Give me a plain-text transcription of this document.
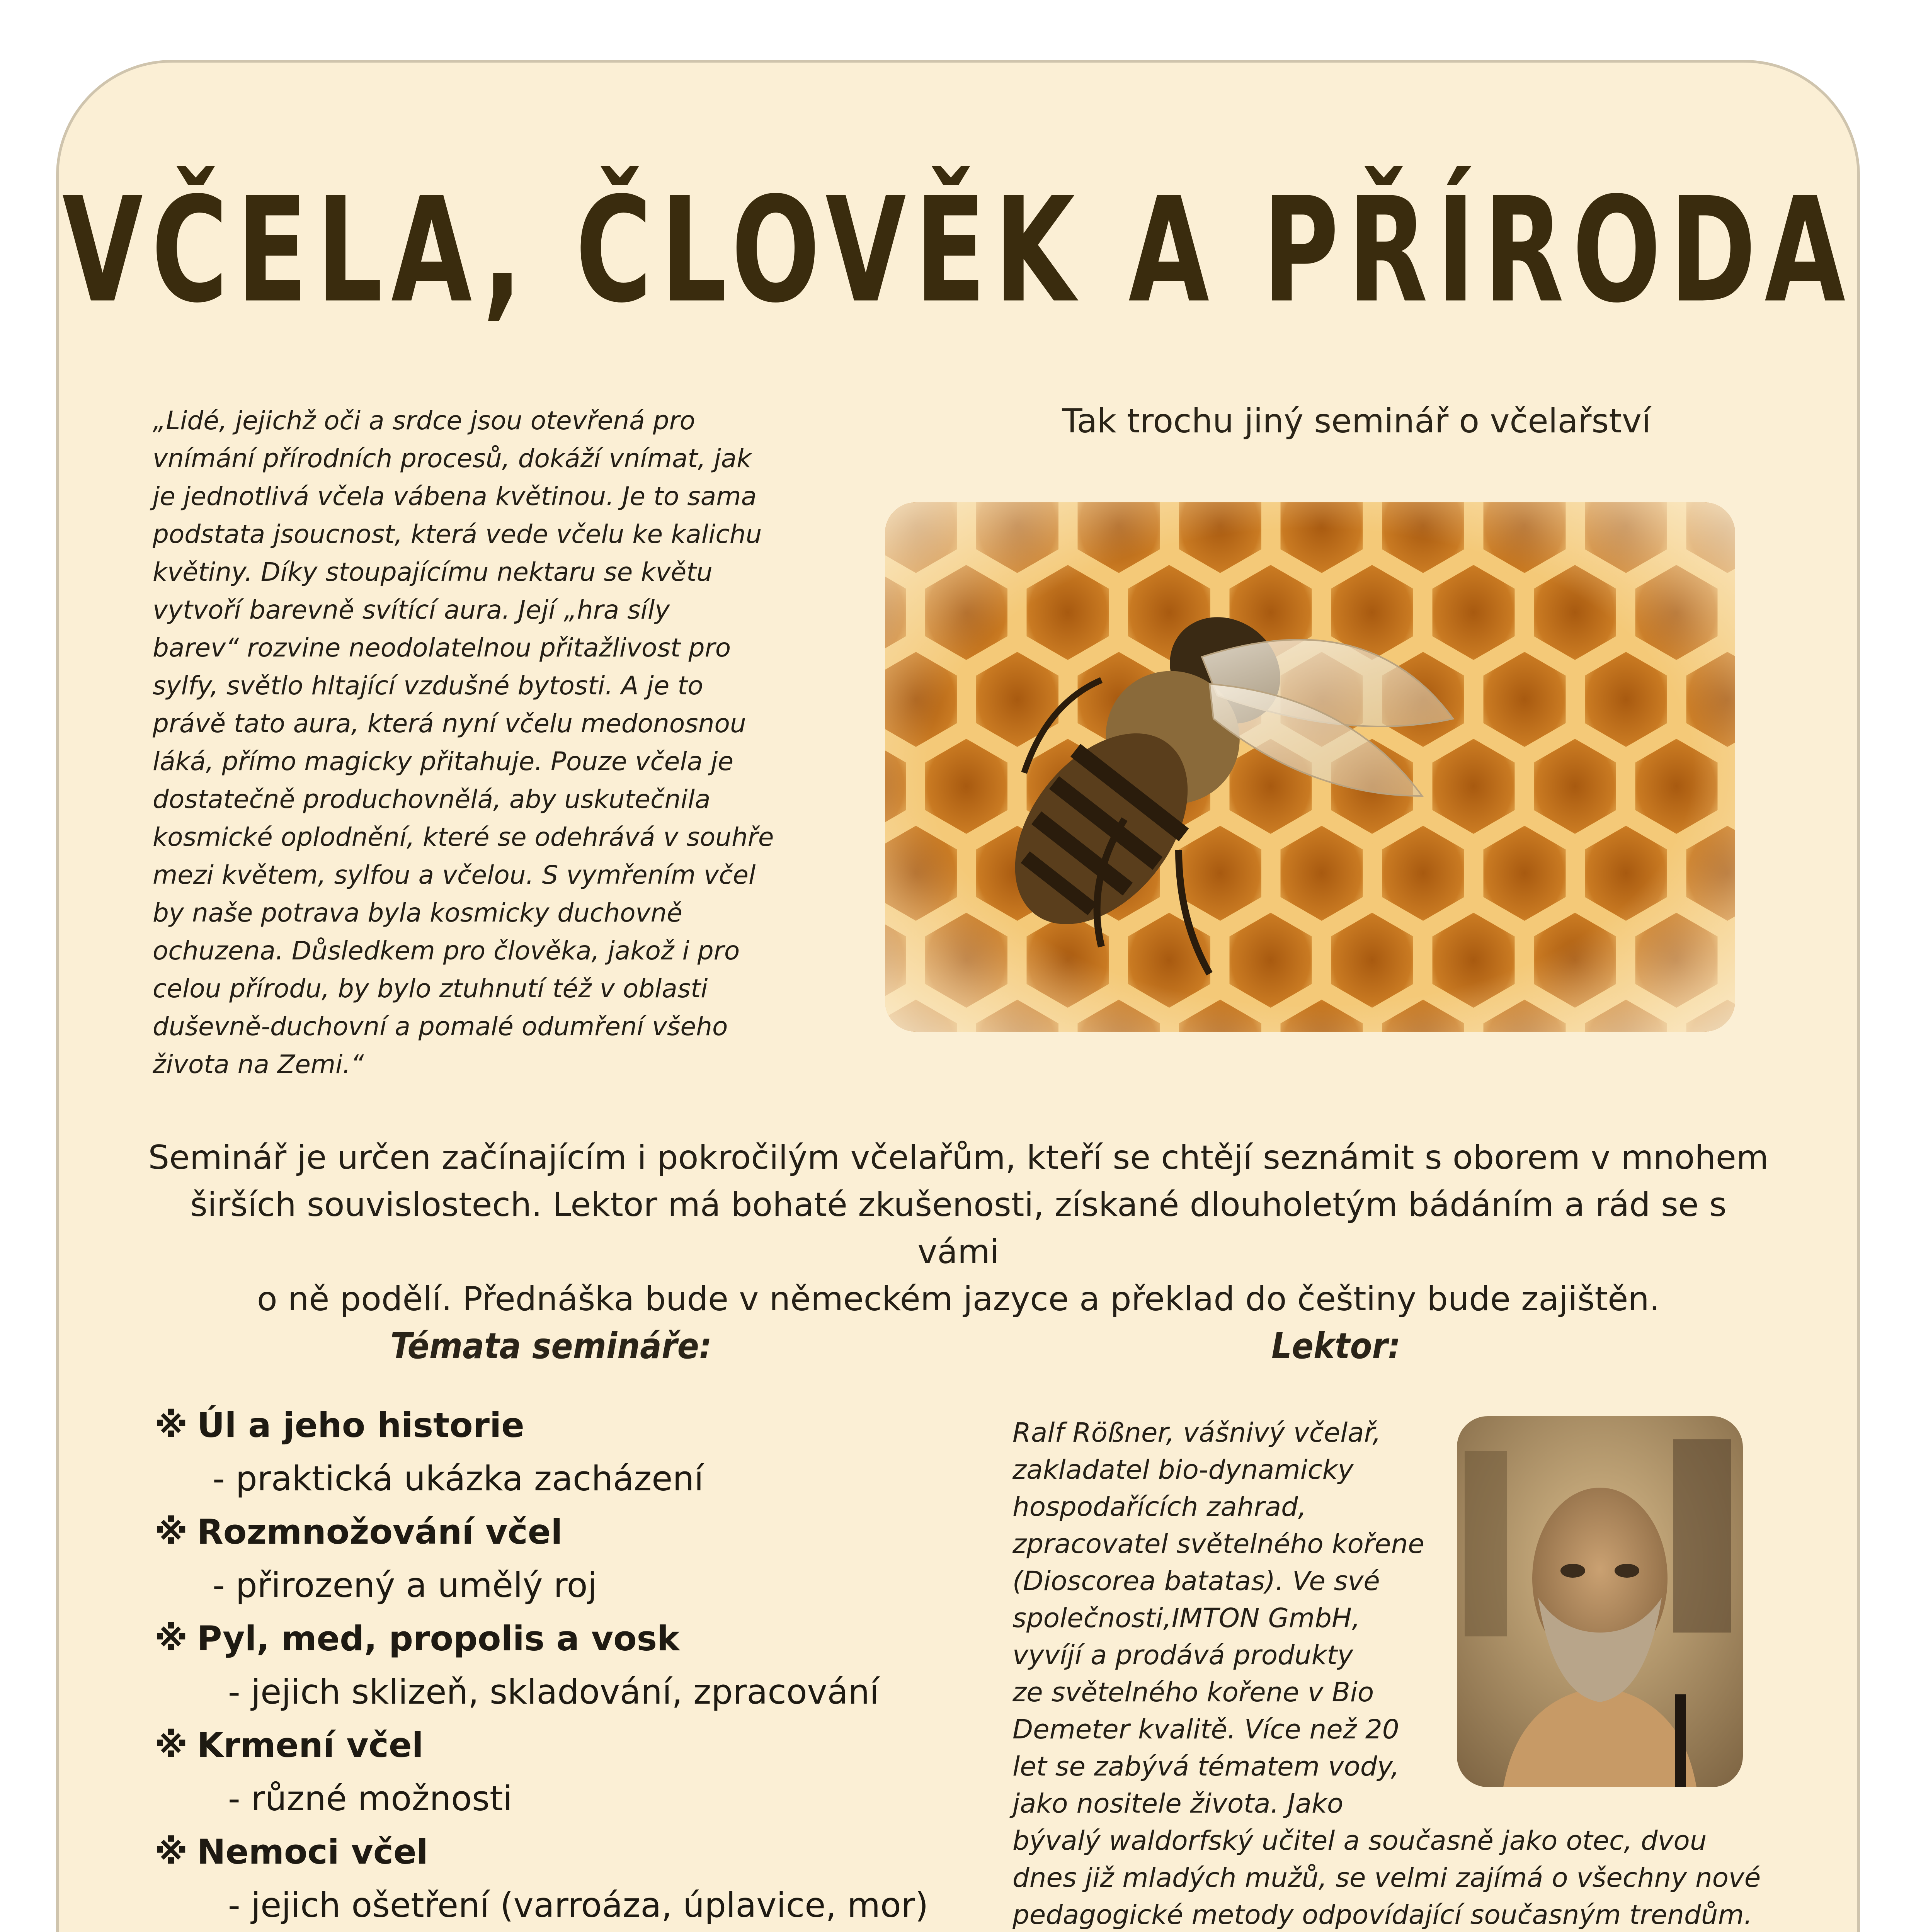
VČELA, ČLOVĚK A PŘÍRODA
„Lidé, jejichž oči a srdce jsou otevřená pro
vnímání přírodních procesů, dokáží vnímat, jak
je jednotlivá včela vábena květinou. Je to sama
podstata jsoucnost, která vede včelu ke kalichu
květiny. Díky stoupajícímu nektaru se květu
vytvoří barevně svítící aura. Její „hra síly
barev“ rozvine neodolatelnou přitažlivost pro
sylfy, světlo hltající vzdušné bytosti. A je to
právě tato aura, která nyní včelu medonosnou
láká, přímo magicky přitahuje. Pouze včela je
dostatečně produchovnělá, aby uskutečnila
kosmické oplodnění, které se odehrává v souhře
mezi květem, sylfou a včelou. S vymřením včel
by naše potrava byla kosmicky duchovně
ochuzena. Důsledkem pro člověka, jakož i pro
celou přírodu, by bylo ztuhnutí též v oblasti
duševně-duchovní a pomalé odumření všeho
života na Zemi.“
Tak trochu jiný seminář o včelařství
Seminář je určen začínajícím i pokročilým včelařům, kteří se chtějí seznámit s oborem v mnohem
širších souvislostech. Lektor má bohaté zkušenosti, získané dlouholetým bádáním a rád se s vámi
o ně podělí. Přednáška bude v německém jazyce a překlad do češtiny bude zajištěn.
Témata semináře:	Lektor:
※ Úl a jeho historie
- praktická ukázka zacházení
※ Rozmnožování včel
- přirozený a umělý roj
※ Pyl, med, propolis a vosk
- jejich sklizeň, skladování, zpracování
※ Krmení včel
- různé možnosti
※ Nemoci včel
- jejich ošetření (varroáza, úplavice, mor)
Ralf Rößner, vášnivý včelař,
zakladatel bio-dynamicky
hospodařících zahrad,
zpracovatel světelného kořene
(Dioscorea batatas). Ve své
společnosti,IMTON GmbH,
vyvíjí a prodává produkty
ze světelného kořene v Bio
Demeter kvalitě. Více než 20
let se zabývá tématem vody,
jako nositele života. Jako
bývalý waldorfský učitel a současně jako otec, dvou
dnes již mladých mužů, se velmi zajímá o všechny nové
pedagogické metody odpovídající současným trendům.
